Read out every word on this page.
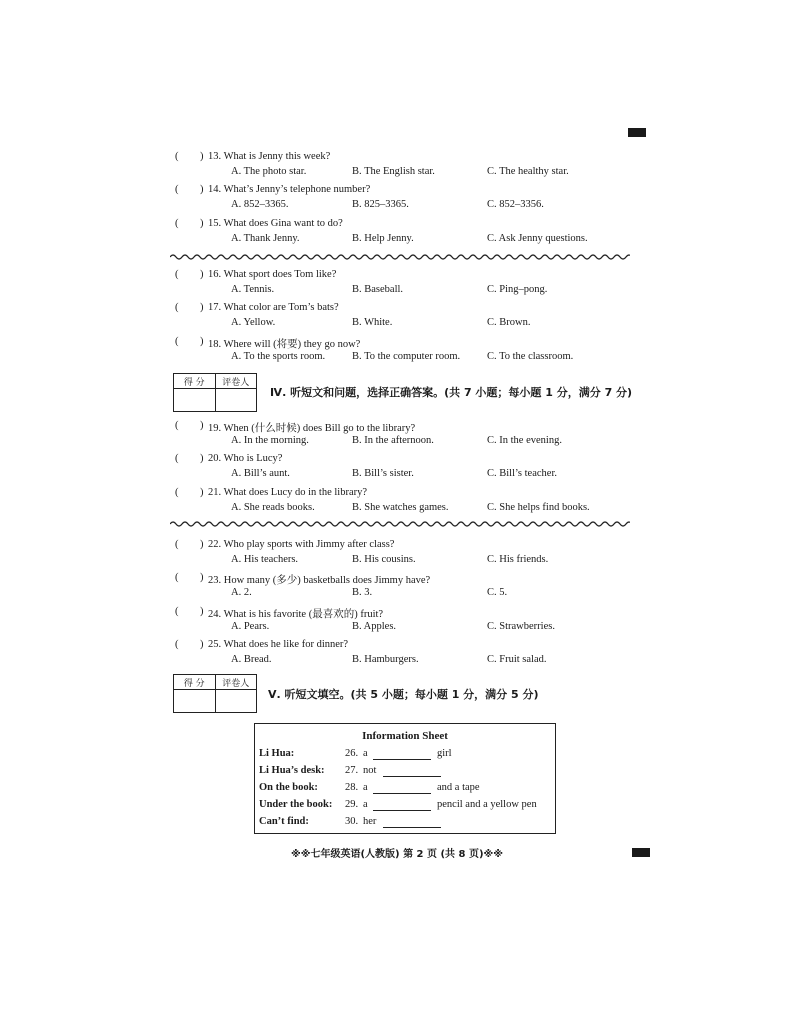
( ) 13. What is Jenny this week?
A. The photo star.	B. The English star.	C. The healthy star.
( ) 14. What’s Jenny’s telephone number?
A. 852–3365.	B. 825–3365.	C. 852–3356.
( ) 15. What does Gina want to do?
A. Thank Jenny.	B. Help Jenny.	C. Ask Jenny questions.
( ) 16. What sport does Tom like?
A. Tennis.	B. Baseball.	C. Ping–pong.
( ) 17. What color are Tom’s bats?
A. Yellow.	B. White.	C. Brown.
( ) 18. Where will (将要) they go now?
A. To the sports room.	B. To the computer room.	C. To the classroom.
得 分	评卷人

Ⅳ. 听短文和问题，选择正确答案。(共 7 小题；每小题 1 分，满分 7 分)
( ) 19. When (什么时候) does Bill go to the library?
A. In the morning.	B. In the afternoon.	C. In the evening.
( ) 20. Who is Lucy?
A. Bill’s aunt.	B. Bill’s sister.	C. Bill’s teacher.
( ) 21. What does Lucy do in the library?
A. She reads books.	B. She watches games.	C. She helps find books.
( ) 22. Who play sports with Jimmy after class?
A. His teachers.	B. His cousins.	C. His friends.
( ) 23. How many (多少) basketballs does Jimmy have?
A. 2.	B. 3.	C. 5.
( ) 24. What is his favorite (最喜欢的) fruit?
A. Pears.	B. Apples.	C. Strawberries.
( ) 25. What does he like for dinner?
A. Bread.	B. Hamburgers.	C. Fruit salad.
得 分	评卷人

Ⅴ. 听短文填空。(共 5 小题；每小题 1 分，满分 5 分)
Information Sheet
Li Hua:	26. a	girl
Li Hua’s desk: 27. not
On the book:	28. a	and a tape
Under the book: 29. a	pencil and a yellow pen
Can’t find:	30. her
※※七年级英语(人教版) 第 2 页 (共 8 页)※※
